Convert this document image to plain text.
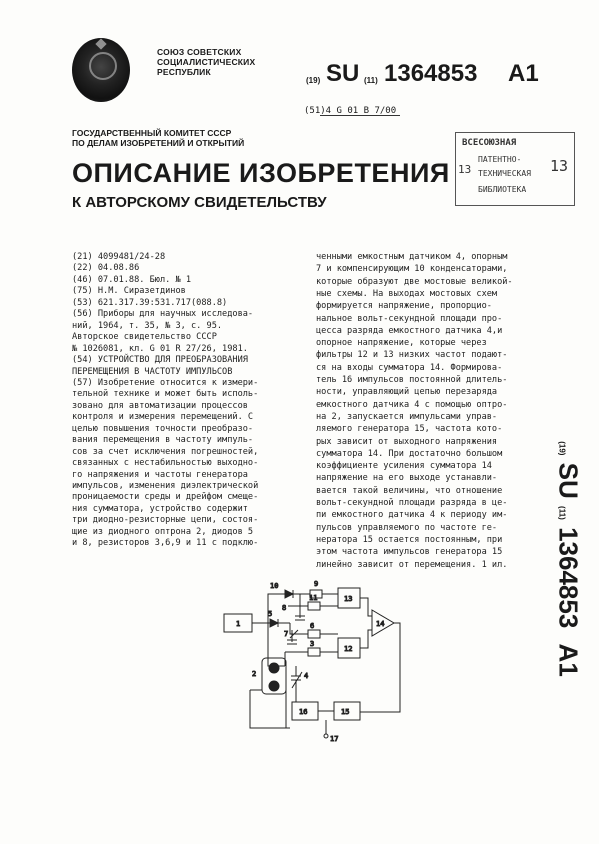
СОЮЗ СОВЕТСКИХ
СОЦИАЛИСТИЧЕСКИХ
РЕСПУБЛИК
(19) SU (11) 1364853 A1
(51)4 G 01 B 7/00
ГОСУДАРСТВЕННЫЙ КОМИТЕТ СССР
ПО ДЕЛАМ ИЗОБРЕТЕНИЙ И ОТКРЫТИЙ
ОПИСАНИЕ ИЗОБРЕТЕНИЯ
К АВТОРСКОМУ СВИДЕТЕЛЬСТВУ
ВСЕСОЮЗНАЯ
ПАТЕНТНО-
ТЕХНИЧЕСКАЯ
БИБЛИОТЕКА
13	13
(21) 4099481/24-28
(22) 04.08.86
(46) 07.01.88. Бюл. № 1
(75) Н.М. Сиразетдинов
(53) 621.317.39:531.717(088.8)
(56) Приборы для научных исследова-
ний, 1964, т. 35, № 3, с. 95.
Авторское свидетельство СССР
№ 1026081, кл. G 01 R 27/26, 1981.
(54) УСТРОЙСТВО ДЛЯ ПРЕОБРАЗОВАНИЯ
ПЕРЕМЕЩЕНИЯ В ЧАСТОТУ ИМПУЛЬСОВ
(57) Изобретение относится к измери-
тельной технике и может быть исполь-
зовано для автоматизации процессов
контроля и измерения перемещений. С
целью повышения точности преобразо-
вания перемещения в частоту импуль-
сов за счет исключения погрешностей,
связанных с нестабильностью выходно-
го напряжения и частоты генератора
импульсов, изменения диэлектрической
проницаемости среды и дрейфом смеще-
ния сумматора, устройство содержит
три диодно-резисторные цепи, состоя-
щие из диодного оптрона 2, диодов 5
и 8, резисторов 3,6,9 и 11 с подклю-
ченными емкостным датчиком 4, опорным
7 и компенсирующим 10 конденсаторами,
которые образуют две мостовые великой-
ные схемы. На выходах мостовых схем
формируется напряжение, пропорцио-
нальное вольт-секундной площади про-
цесса разряда емкостного датчика 4,и
опорное напряжение, которые через
фильтры 12 и 13 низких частот подают-
ся на входы сумматора 14. Формирова-
тель 16 импульсов постоянной длитель-
ности, управляющий цепью перезаряда
емкостного датчика 4 с помощью оптро-
на 2, запускается импульсами управ-
ляемого генератора 15, частота кото-
рых зависит от выходного напряжения
сумматора 14. При достаточно большом
коэффициенте усиления сумматора 14
напряжение на его выходе устанавли-
вается такой величины, что отношение
вольт-секундной площади разряда в це-
пи емкостного датчика 4 к периоду им-
пульсов управляемого по частоте ге-
нератора 15 остается постоянным, при
этом частота импульсов генератора 15
линейно зависит от перемещения. 1 ил.
(19) SU (11) 1364853 A1
1
10
5
9
11
8
6
7
3
13
12
14
2	4
16	15
17
